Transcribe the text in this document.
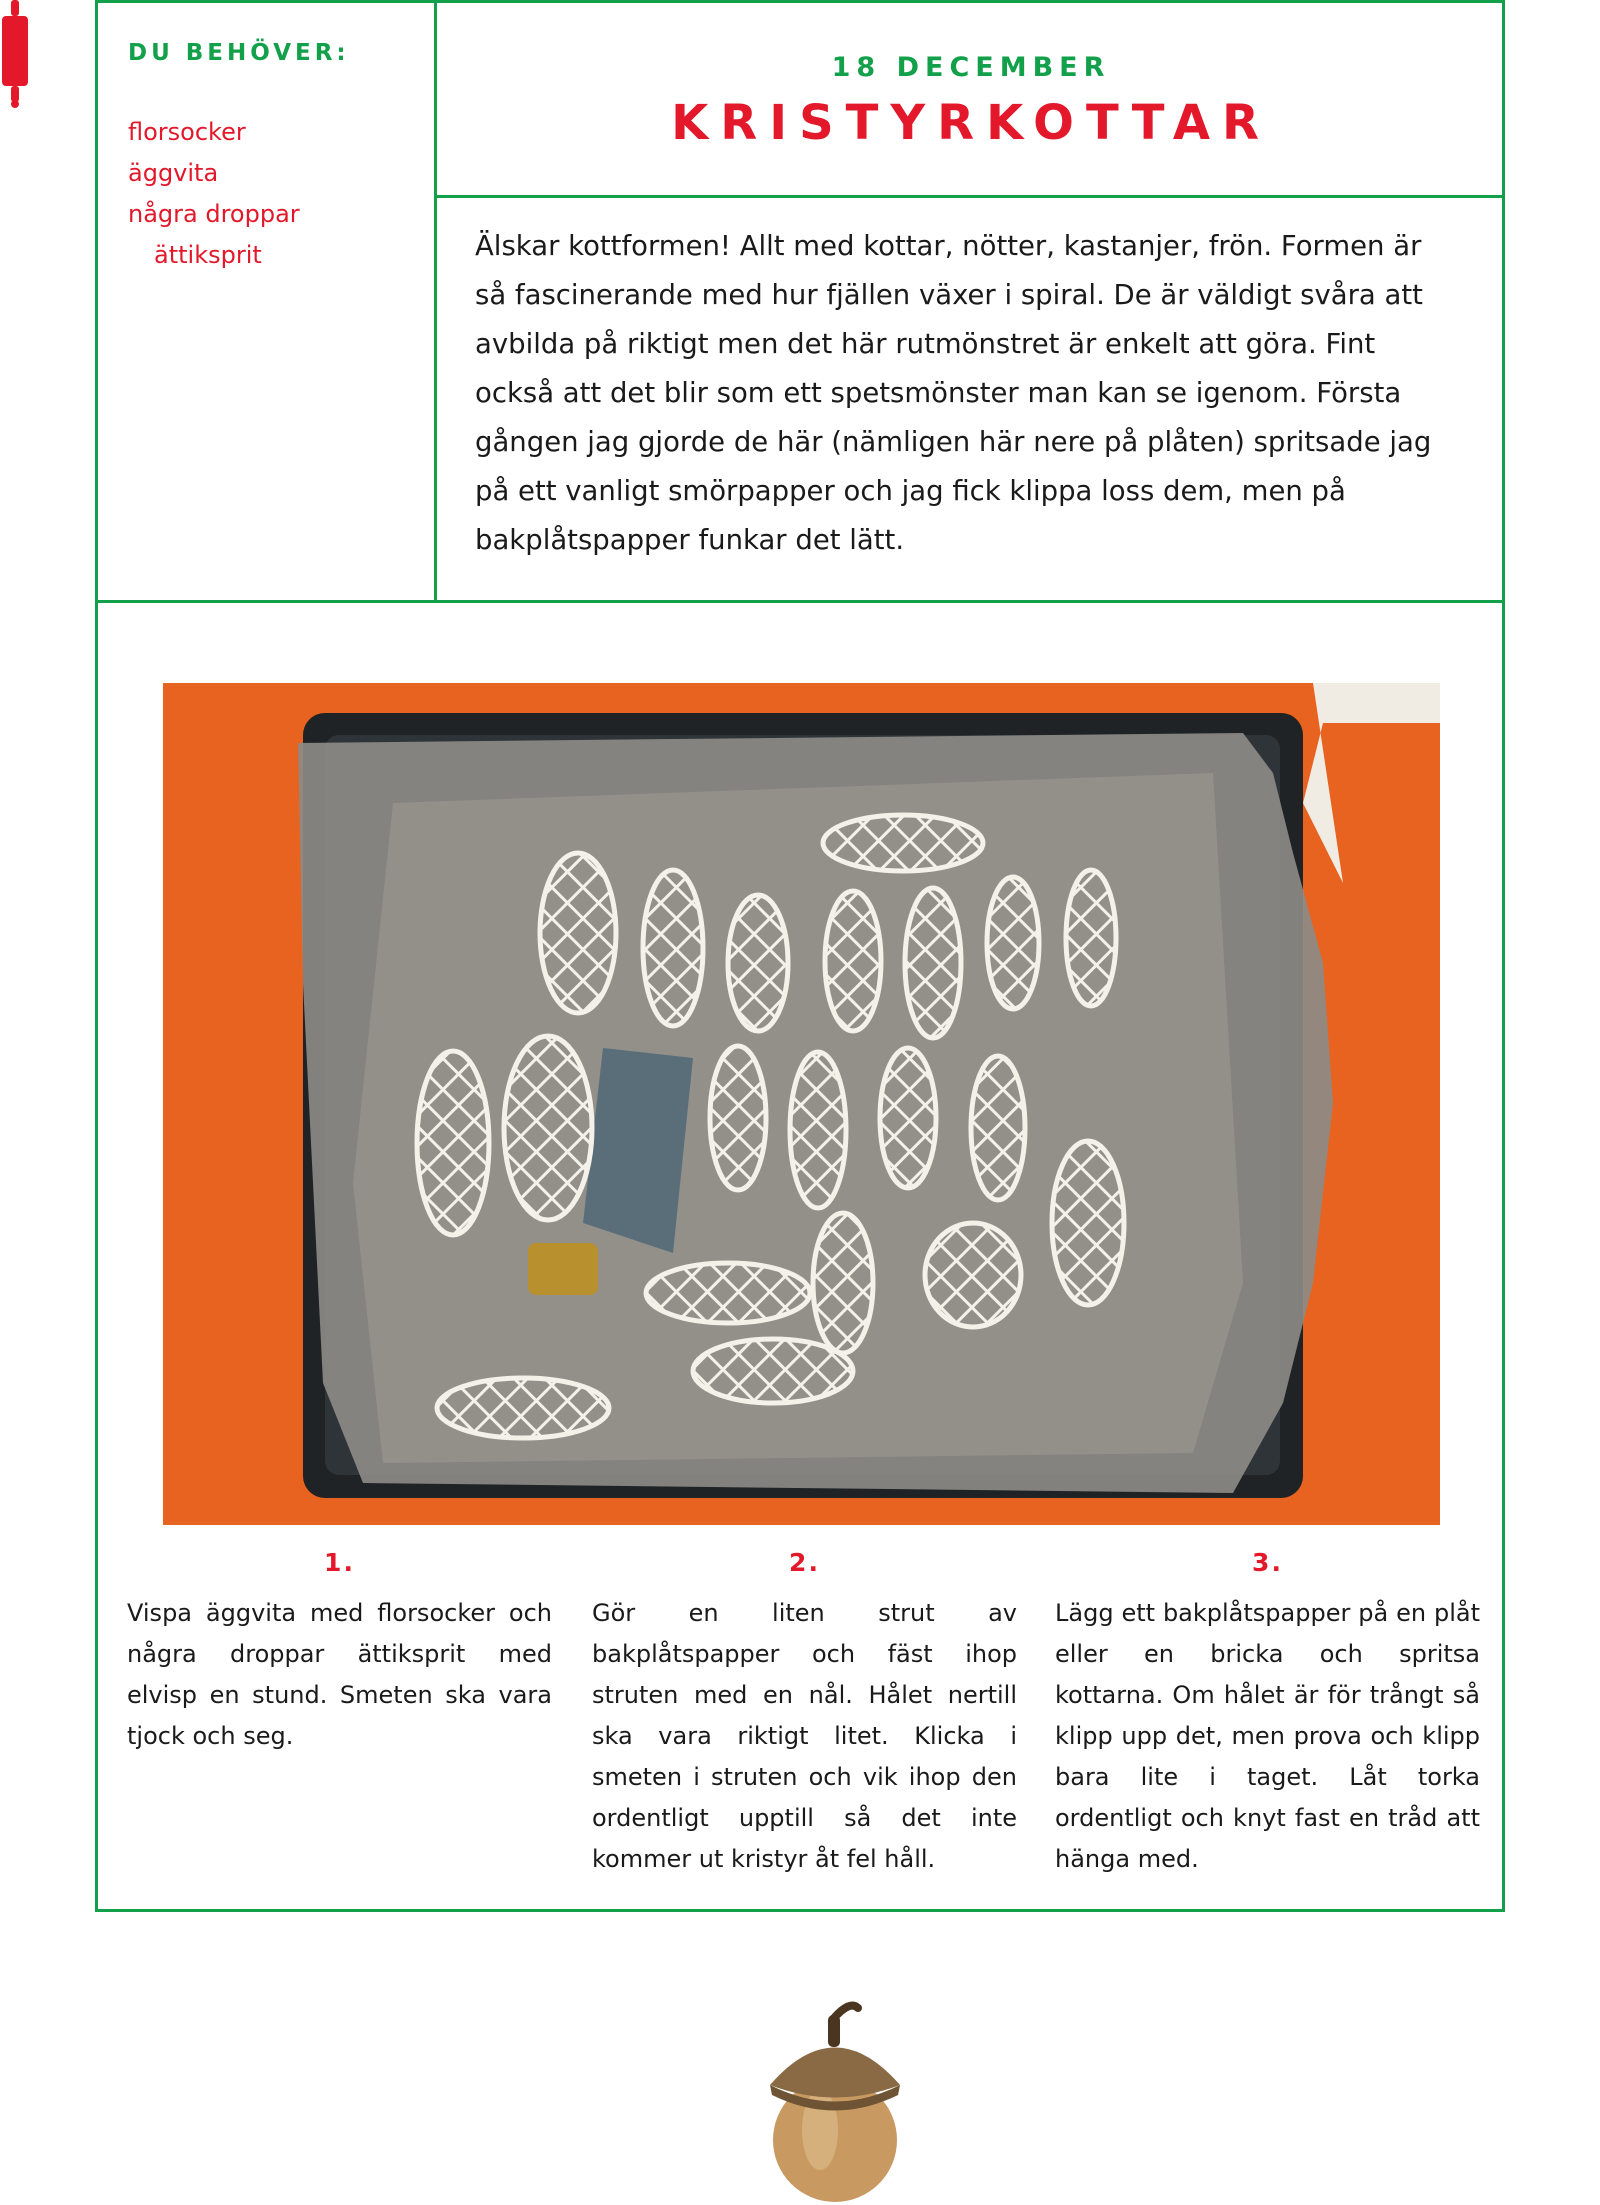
DU BEHÖVER:
florsocker
äggvita
några droppar
ättiksprit
18 DECEMBER
KRISTYRKOTTAR
Älskar kottformen! Allt med kottar, nötter, kastanjer, frön. Formen är så fascinerande med hur fjällen växer i spiral. De är väldigt svåra att avbilda på riktigt men det här rutmönstret är enkelt att göra. Fint också att det blir som ett spetsmönster man kan se igenom. Första gången jag gjorde de här (nämligen här nere på plåten) spritsade jag på ett vanligt smörpapper och jag fick klippa loss dem, men på bakplåtspapper funkar det lätt.
1.
Vispa äggvita med florsocker och några droppar ättiksprit med elvisp en stund. Smeten ska vara tjock och seg.
2.
Gör en liten strut av bakplåtspapper och fäst ihop struten med en nål. Hålet nertill ska vara riktigt litet. Klicka i smeten i struten och vik ihop den ordentligt upptill så det inte kommer ut kristyr åt fel håll.
3.
Lägg ett bakplåtspapper på en plåt eller en bricka och spritsa kottarna. Om hålet är för trångt så klipp upp det, men prova och klipp bara lite i taget. Låt torka ordentligt och knyt fast en tråd att hänga med.
